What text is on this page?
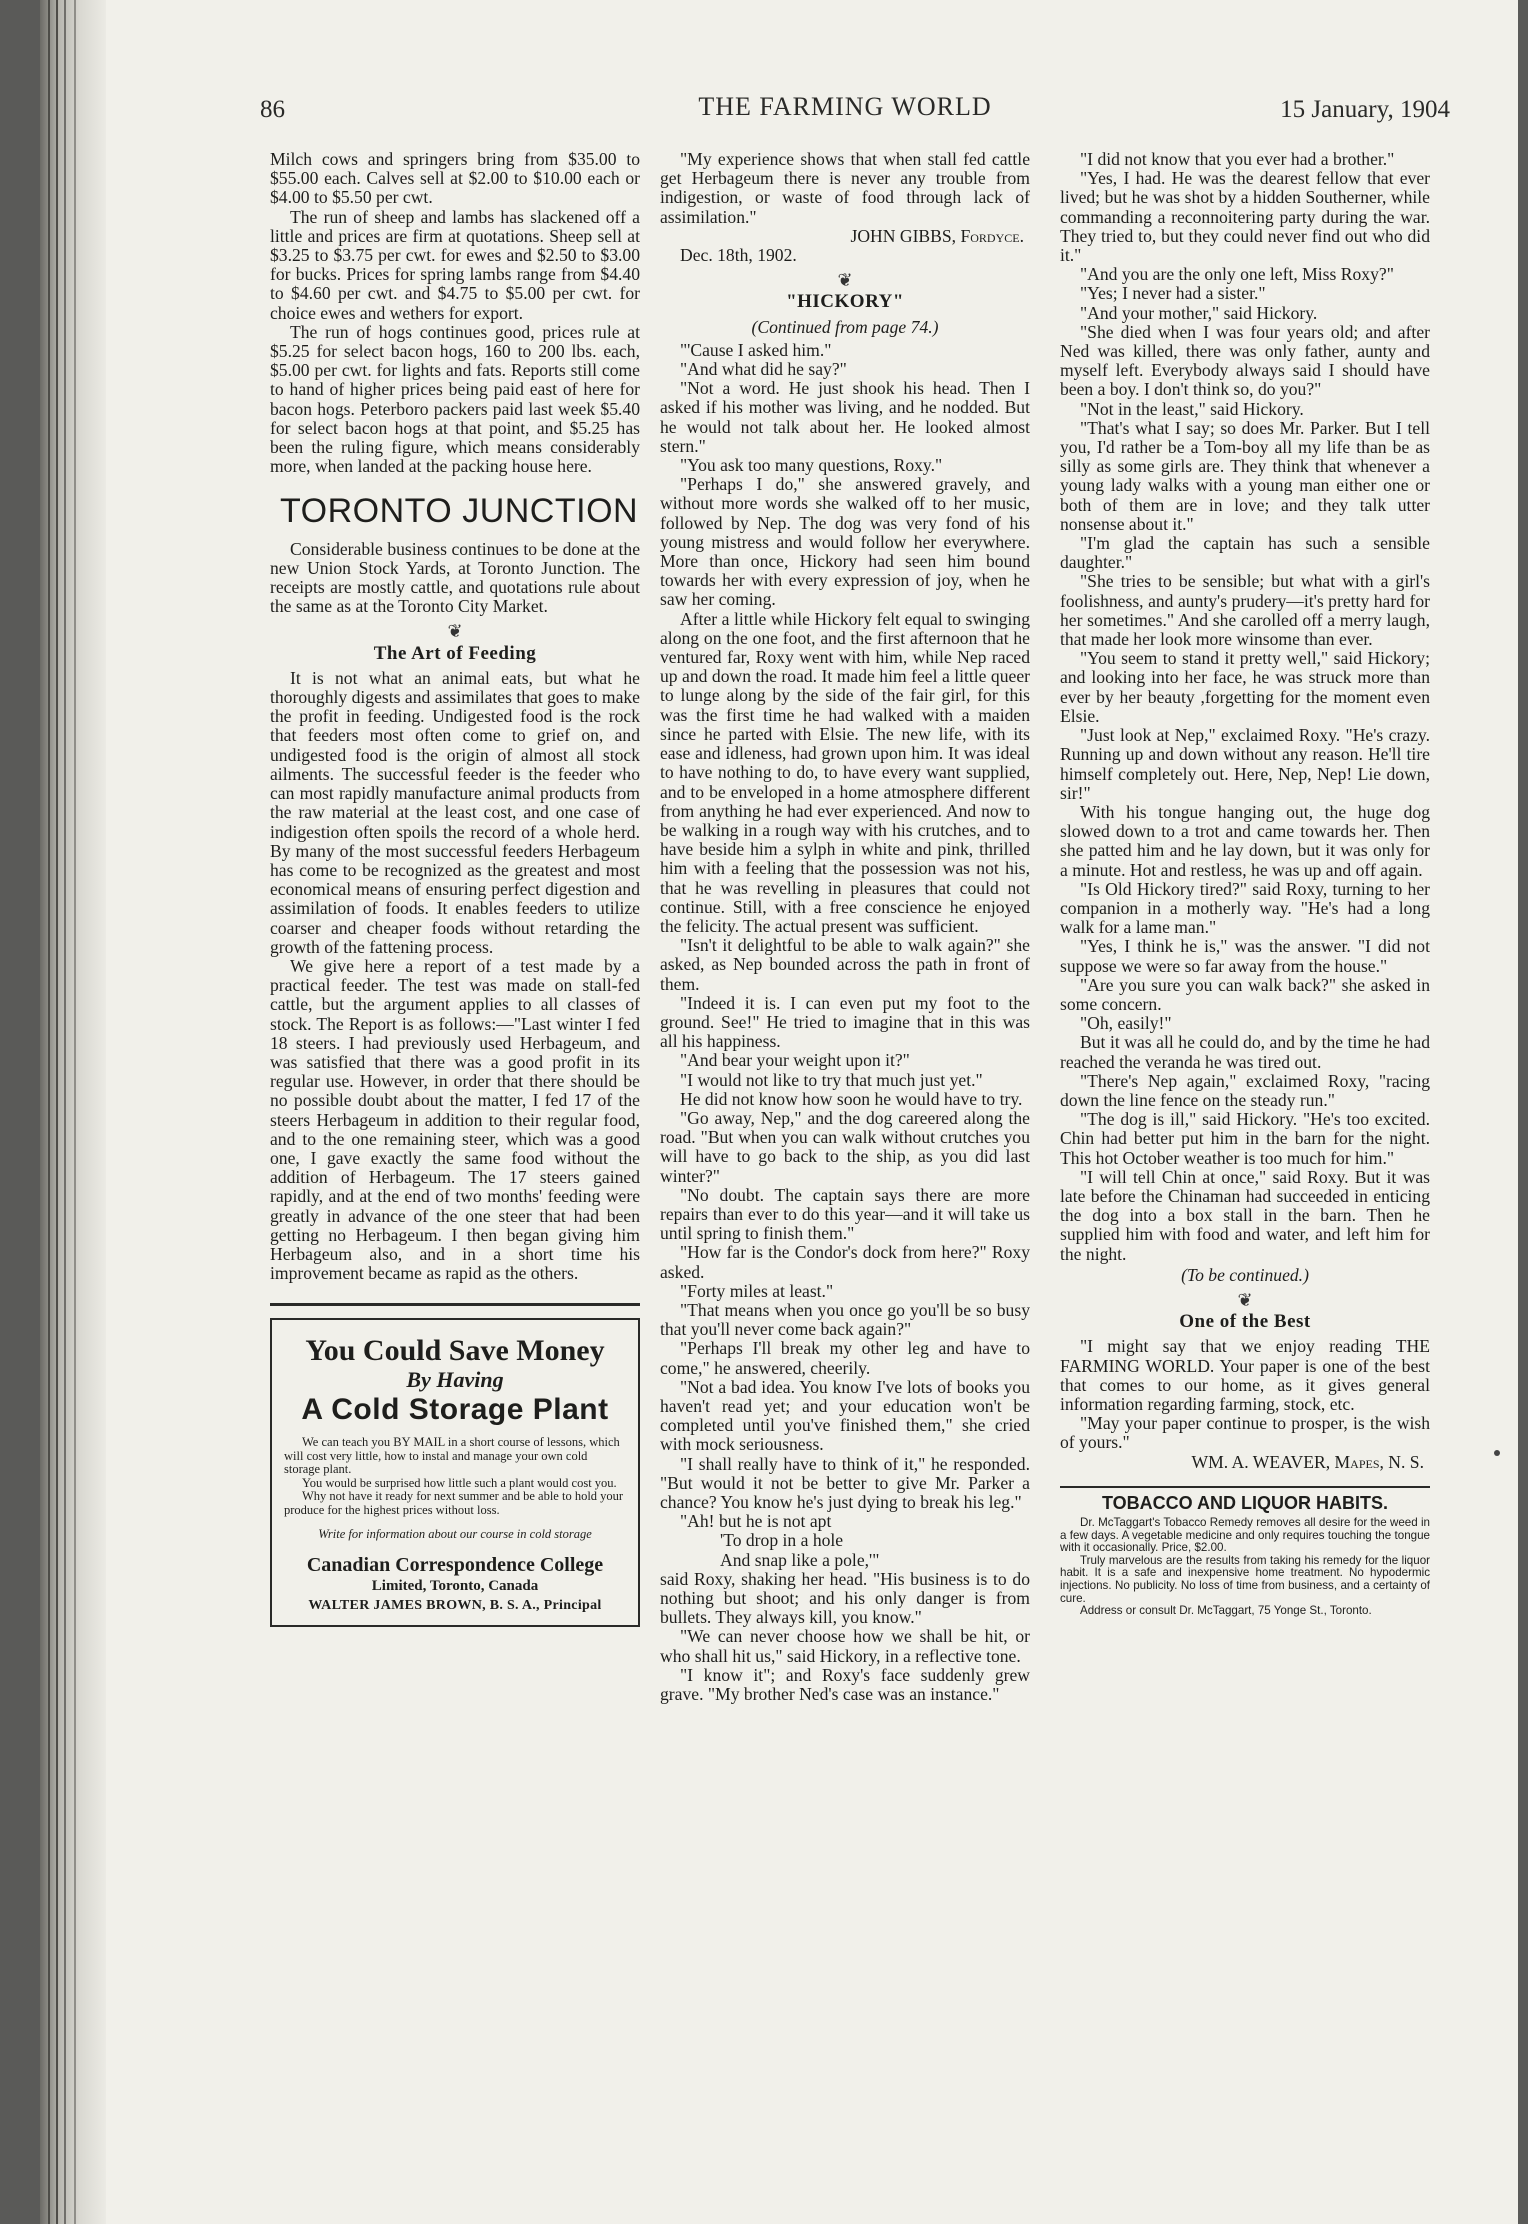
86	THE FARMING WORLD	15 January, 1904

Milch cows and springers bring from $35.00 to $55.00 each. Calves sell at $2.00 to $10.00 each or $4.00 to $5.50 per cwt.

The run of sheep and lambs has slackened off a little and prices are firm at quotations. Sheep sell at $3.25 to $3.75 per cwt. for ewes and $2.50 to $3.00 for bucks. Prices for spring lambs range from $4.40 to $4.60 per cwt. and $4.75 to $5.00 per cwt. for choice ewes and wethers for export.

The run of hogs continues good, prices rule at $5.25 for select bacon hogs, 160 to 200 lbs. each, $5.00 per cwt. for lights and fats. Reports still come to hand of higher prices being paid east of here for bacon hogs. Peterboro packers paid last week $5.40 for select bacon hogs at that point, and $5.25 has been the ruling figure, which means considerably more, when landed at the packing house here.

TORONTO JUNCTION

Considerable business continues to be done at the new Union Stock Yards, at Toronto Junction. The receipts are mostly cattle, and quotations rule about the same as at the Toronto City Market.

❦
The Art of Feeding

It is not what an animal eats, but what he thoroughly digests and assimilates that goes to make the profit in feeding. Undigested food is the rock that feeders most often come to grief on, and undigested food is the origin of almost all stock ailments. The successful feeder is the feeder who can most rapidly manufacture animal products from the raw material at the least cost, and one case of indigestion often spoils the record of a whole herd. By many of the most successful feeders Herbageum has come to be recognized as the greatest and most economical means of ensuring perfect digestion and assimilation of foods. It enables feeders to utilize coarser and cheaper foods without retarding the growth of the fattening process.

We give here a report of a test made by a practical feeder. The test was made on stall-fed cattle, but the argument applies to all classes of stock. The Report is as follows:—"Last winter I fed 18 steers. I had previously used Herbageum, and was satisfied that there was a good profit in its regular use. However, in order that there should be no possible doubt about the matter, I fed 17 of the steers Herbageum in addition to their regular food, and to the one remaining steer, which was a good one, I gave exactly the same food without the addition of Herbageum. The 17 steers gained rapidly, and at the end of two months' feeding were greatly in advance of the one steer that had been getting no Herbageum. I then began giving him Herbageum also, and in a short time his improvement became as rapid as the others.

You Could Save Money
By Having
A Cold Storage Plant

We can teach you BY MAIL in a short course of lessons, which will cost very little, how to instal and manage your own cold storage plant.

You would be surprised how little such a plant would cost you.

Why not have it ready for next summer and be able to hold your produce for the highest prices without loss.

Write for information about our course in cold storage
Canadian Correspondence College
Limited, Toronto, Canada
WALTER JAMES BROWN, B. S. A., Principal

"My experience shows that when stall fed cattle get Herbageum there is never any trouble from indigestion, or waste of food through lack of assimilation."

JOHN GIBBS, Fordyce.

Dec. 18th, 1902.

❦
"HICKORY"
(Continued from page 74.)

"'Cause I asked him."

"And what did he say?"

"Not a word. He just shook his head. Then I asked if his mother was living, and he nodded. But he would not talk about her. He looked almost stern."

"You ask too many questions, Roxy."

"Perhaps I do," she answered gravely, and without more words she walked off to her music, followed by Nep. The dog was very fond of his young mistress and would follow her everywhere. More than once, Hickory had seen him bound towards her with every expression of joy, when he saw her coming.

After a little while Hickory felt equal to swinging along on the one foot, and the first afternoon that he ventured far, Roxy went with him, while Nep raced up and down the road. It made him feel a little queer to lunge along by the side of the fair girl, for this was the first time he had walked with a maiden since he parted with Elsie. The new life, with its ease and idleness, had grown upon him. It was ideal to have nothing to do, to have every want supplied, and to be enveloped in a home atmosphere different from anything he had ever experienced. And now to be walking in a rough way with his crutches, and to have beside him a sylph in white and pink, thrilled him with a feeling that the possession was not his, that he was revelling in pleasures that could not continue. Still, with a free conscience he enjoyed the felicity. The actual present was sufficient.

"Isn't it delightful to be able to walk again?" she asked, as Nep bounded across the path in front of them.

"Indeed it is. I can even put my foot to the ground. See!" He tried to imagine that in this was all his happiness.

"And bear your weight upon it?"

"I would not like to try that much just yet."

He did not know how soon he would have to try.

"Go away, Nep," and the dog careered along the road. "But when you can walk without crutches you will have to go back to the ship, as you did last winter?"

"No doubt. The captain says there are more repairs than ever to do this year—and it will take us until spring to finish them."

"How far is the Condor's dock from here?" Roxy asked.

"Forty miles at least."

"That means when you once go you'll be so busy that you'll never come back again?"

"Perhaps I'll break my other leg and have to come," he answered, cheerily.

"Not a bad idea. You know I've lots of books you haven't read yet; and your education won't be completed until you've finished them," she cried with mock seriousness.

"I shall really have to think of it," he responded. "But would it not be better to give Mr. Parker a chance? You know he's just dying to break his leg."

"Ah! but he is not apt

'To drop in a hole

And snap like a pole,'"

said Roxy, shaking her head. "His business is to do nothing but shoot; and his only danger is from bullets. They always kill, you know."

"We can never choose how we shall be hit, or who shall hit us," said Hickory, in a reflective tone.

"I know it"; and Roxy's face suddenly grew grave. "My brother Ned's case was an instance."

"I did not know that you ever had a brother."

"Yes, I had. He was the dearest fellow that ever lived; but he was shot by a hidden Southerner, while commanding a reconnoitering party during the war. They tried to, but they could never find out who did it."

"And you are the only one left, Miss Roxy?"

"Yes; I never had a sister."

"And your mother," said Hickory.

"She died when I was four years old; and after Ned was killed, there was only father, aunty and myself left. Everybody always said I should have been a boy. I don't think so, do you?"

"Not in the least," said Hickory.

"That's what I say; so does Mr. Parker. But I tell you, I'd rather be a Tom-boy all my life than be as silly as some girls are. They think that whenever a young lady walks with a young man either one or both of them are in love; and they talk utter nonsense about it."

"I'm glad the captain has such a sensible daughter."

"She tries to be sensible; but what with a girl's foolishness, and aunty's prudery—it's pretty hard for her sometimes." And she carolled off a merry laugh, that made her look more winsome than ever.

"You seem to stand it pretty well," said Hickory; and looking into her face, he was struck more than ever by her beauty ,forgetting for the moment even Elsie.

"Just look at Nep," exclaimed Roxy. "He's crazy. Running up and down without any reason. He'll tire himself completely out. Here, Nep, Nep! Lie down, sir!"

With his tongue hanging out, the huge dog slowed down to a trot and came towards her. Then she patted him and he lay down, but it was only for a minute. Hot and restless, he was up and off again.

"Is Old Hickory tired?" said Roxy, turning to her companion in a motherly way. "He's had a long walk for a lame man."

"Yes, I think he is," was the answer. "I did not suppose we were so far away from the house."

"Are you sure you can walk back?" she asked in some concern.

"Oh, easily!"

But it was all he could do, and by the time he had reached the veranda he was tired out.

"There's Nep again," exclaimed Roxy, "racing down the line fence on the steady run."

"The dog is ill," said Hickory. "He's too excited. Chin had better put him in the barn for the night. This hot October weather is too much for him."

"I will tell Chin at once," said Roxy. But it was late before the Chinaman had succeeded in enticing the dog into a box stall in the barn. Then he supplied him with food and water, and left him for the night.

(To be continued.)
❦
One of the Best

"I might say that we enjoy reading THE FARMING WORLD. Your paper is one of the best that comes to our home, as it gives general information regarding farming, stock, etc.

"May your paper continue to prosper, is the wish of yours."

WM. A. WEAVER, Mapes, N. S.
TOBACCO AND LIQUOR HABITS.

Dr. McTaggart's Tobacco Remedy removes all desire for the weed in a few days. A vegetable medicine and only requires touching the tongue with it occasionally. Price, $2.00.

Truly marvelous are the results from taking his remedy for the liquor habit. It is a safe and inexpensive home treatment. No hypodermic injections. No publicity. No loss of time from business, and a certainty of cure.

Address or consult Dr. McTaggart, 75 Yonge St., Toronto.
